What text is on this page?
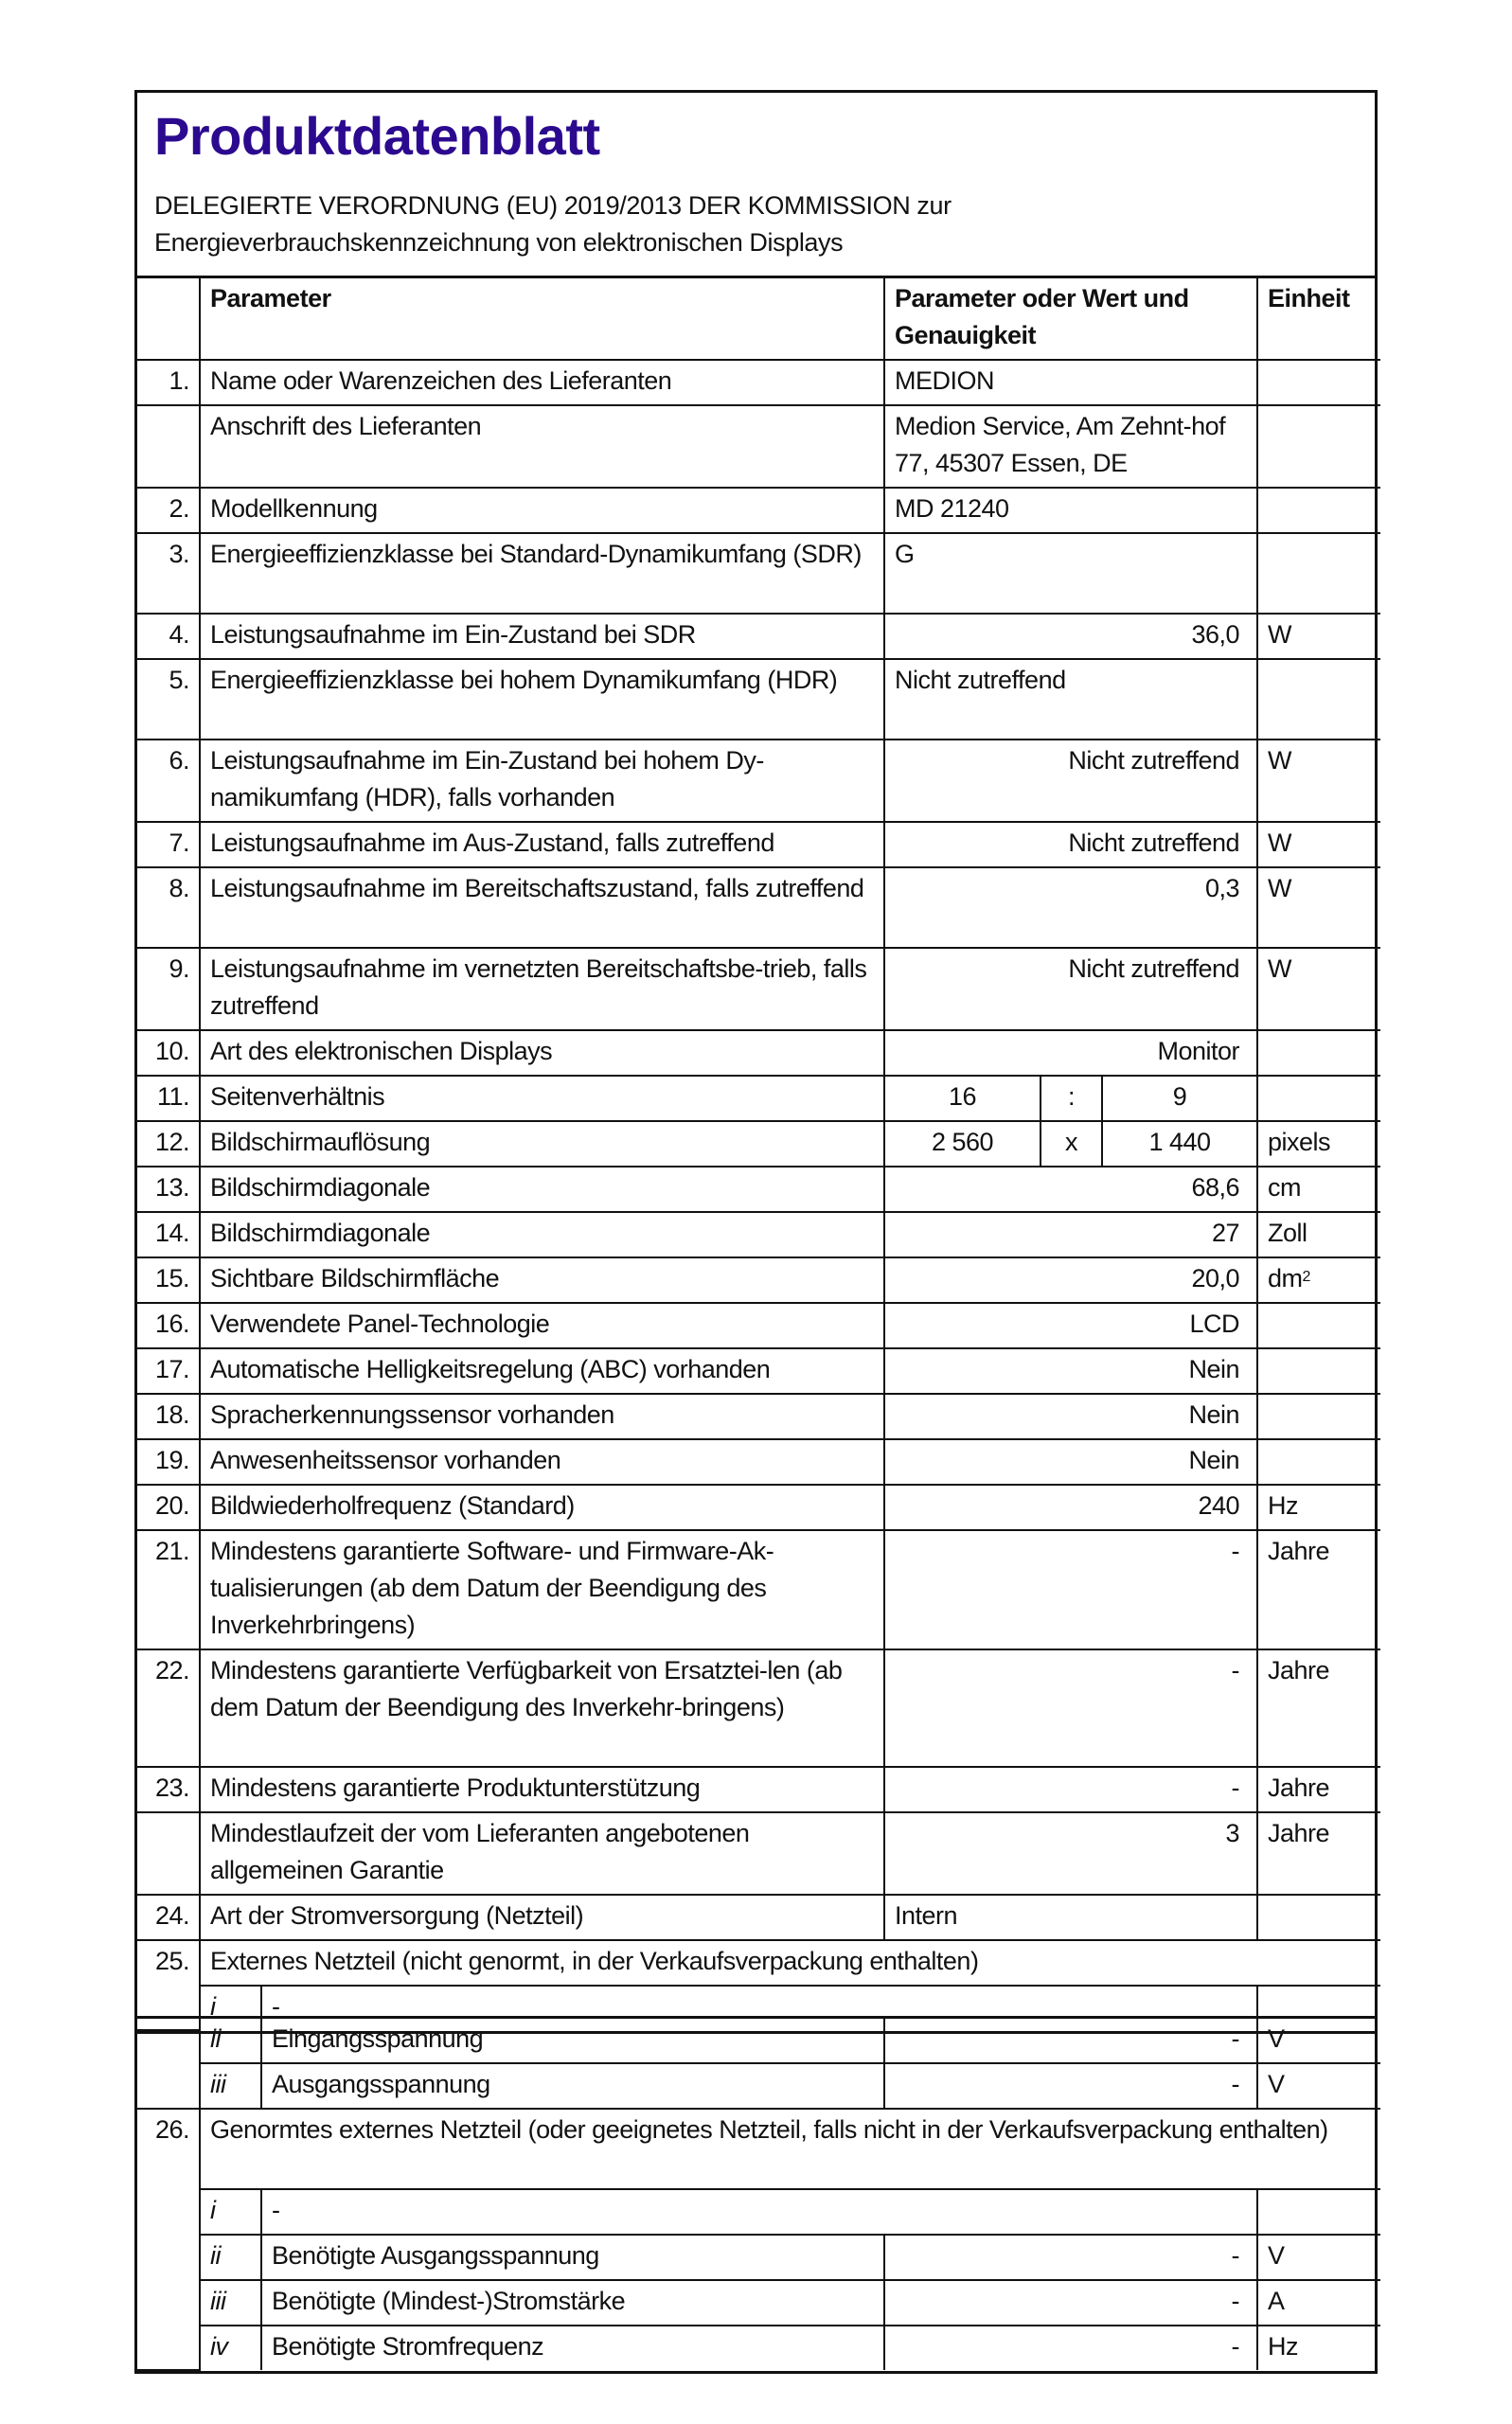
Produktdatenblatt
DELEGIERTE VERORDNUNG (EU) 2019/2013 DER KOMMISSION zur
Energieverbrauchskennzeichnung von elektronischen Displays
	Parameter		Parameter oder Wert und Genauigkeit			Einheit
1.	Name oder Warenzeichen des Lieferanten		MEDION			
	Anschrift des Lieferanten		Medion Service, Am Zehnt-hof 77, 45307 Essen, DE			
2.	Modellkennung		MD 21240			
3.	Energieeffizienzklasse bei Standard-Dynamikumfang (SDR)		G			
4.	Leistungsaufnahme im Ein-Zustand bei SDR		36,0			W
5.	Energieeffizienzklasse bei hohem Dynamikumfang (HDR)		Nicht zutreffend			
6.	Leistungsaufnahme im Ein-Zustand bei hohem Dy-namikumfang (HDR), falls vorhanden		Nicht zutreffend			W
7.	Leistungsaufnahme im Aus-Zustand, falls zutreffend		Nicht zutreffend			W
8.	Leistungsaufnahme im Bereitschaftszustand, falls zutreffend		0,3			W
9.	Leistungsaufnahme im vernetzten Bereitschaftsbe-trieb, falls zutreffend		Nicht zutreffend			W
10.	Art des elektronischen Displays		Monitor			
11.	Seitenverhältnis		16	:	9	
12.	Bildschirmauflösung		2 560	x	1 440	pixels
13.	Bildschirmdiagonale		68,6			cm
14.	Bildschirmdiagonale		27			Zoll
15.	Sichtbare Bildschirmfläche		20,0			$dm^2$
16.	Verwendete Panel-Technologie		LCD			
17.	Automatische Helligkeitsregelung (ABC) vorhanden		Nein			
18.	Spracherkennungssensor vorhanden		Nein			
19.	Anwesenheitssensor vorhanden		Nein			
20.	Bildwiederholfrequenz (Standard)		240			Hz
21.	Mindestens garantierte Software- und Firmware-Ak-tualisierungen (ab dem Datum der Beendigung des Inverkehrbringens)		-			Jahre
22.	Mindestens garantierte Verfügbarkeit von Ersatztei-len (ab dem Datum der Beendigung des Inverkehr-bringens)		-			Jahre
23.	Mindestens garantierte Produktunterstützung		-			Jahre
	Mindestlaufzeit der vom Lieferanten angebotenen allgemeinen Garantie		3			Jahre
24.	Art der Stromversorgung (Netzteil)		Intern			
25.	Externes Netzteil (nicht genormt, in der Verkaufsverpackung enthalten)					
	i	-				
	ii	Eingangsspannung	-	V
	iii	Ausgangsspannung	-	V
26.	Genormtes externes Netzteil (oder geeignetes Netzteil, falls nicht in der Verkaufsverpackung enthalten)			
	i	-		
	ii	Benötigte Ausgangsspannung	-	V
	iii	Benötigte (Mindest-)Stromstärke	-	A
	iv	Benötigte Stromfrequenz	-	Hz
